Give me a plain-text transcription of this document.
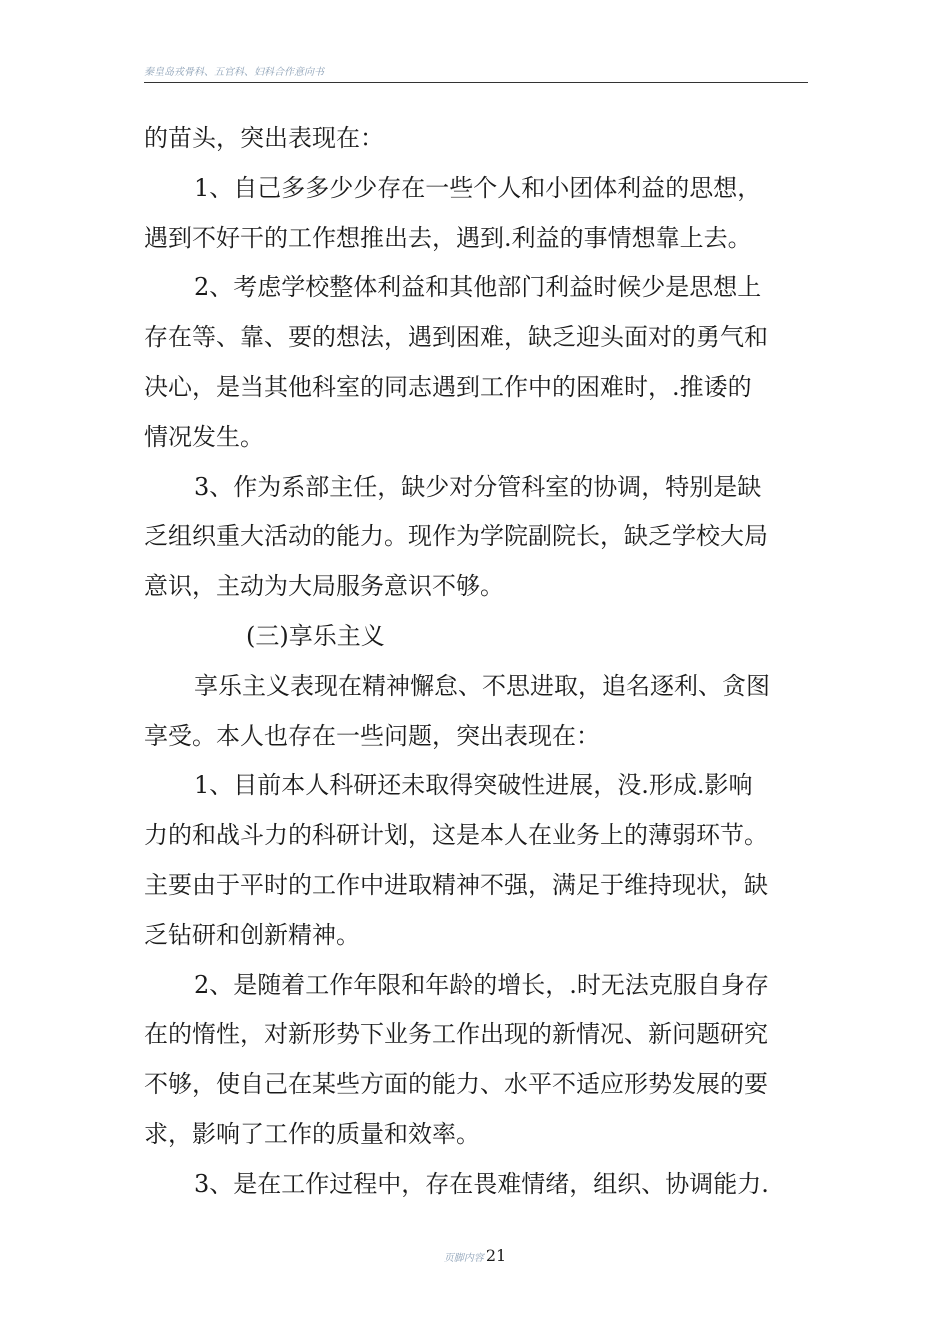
秦皇岛戎骨科、五官科、妇科合作意向书
的苗头，突出表现在：
1、自己多多少少存在一些个人和小团体利益的思想，
遇到不好干的工作想推出去，遇到.利益的事情想靠上去。
2、考虑学校整体利益和其他部门利益时候少是思想上
存在等、靠、要的想法，遇到困难，缺乏迎头面对的勇气和
决心，是当其他科室的同志遇到工作中的困难时，.推诿的
情况发生。
3、作为系部主任，缺少对分管科室的协调，特别是缺
乏组织重大活动的能力。现作为学院副院长，缺乏学校大局
意识，主动为大局服务意识不够。
(三)享乐主义
享乐主义表现在精神懈怠、不思进取，追名逐利、贪图
享受。本人也存在一些问题，突出表现在：
1、目前本人科研还未取得突破性进展，没.形成.影响
力的和战斗力的科研计划，这是本人在业务上的薄弱环节。
主要由于平时的工作中进取精神不强，满足于维持现状，缺
乏钻研和创新精神。
2、是随着工作年限和年龄的增长，.时无法克服自身存
在的惰性，对新形势下业务工作出现的新情况、新问题研究
不够，使自己在某些方面的能力、水平不适应形势发展的要
求，影响了工作的质量和效率。
3、是在工作过程中，存在畏难情绪，组织、协调能力.
页脚内容 21
